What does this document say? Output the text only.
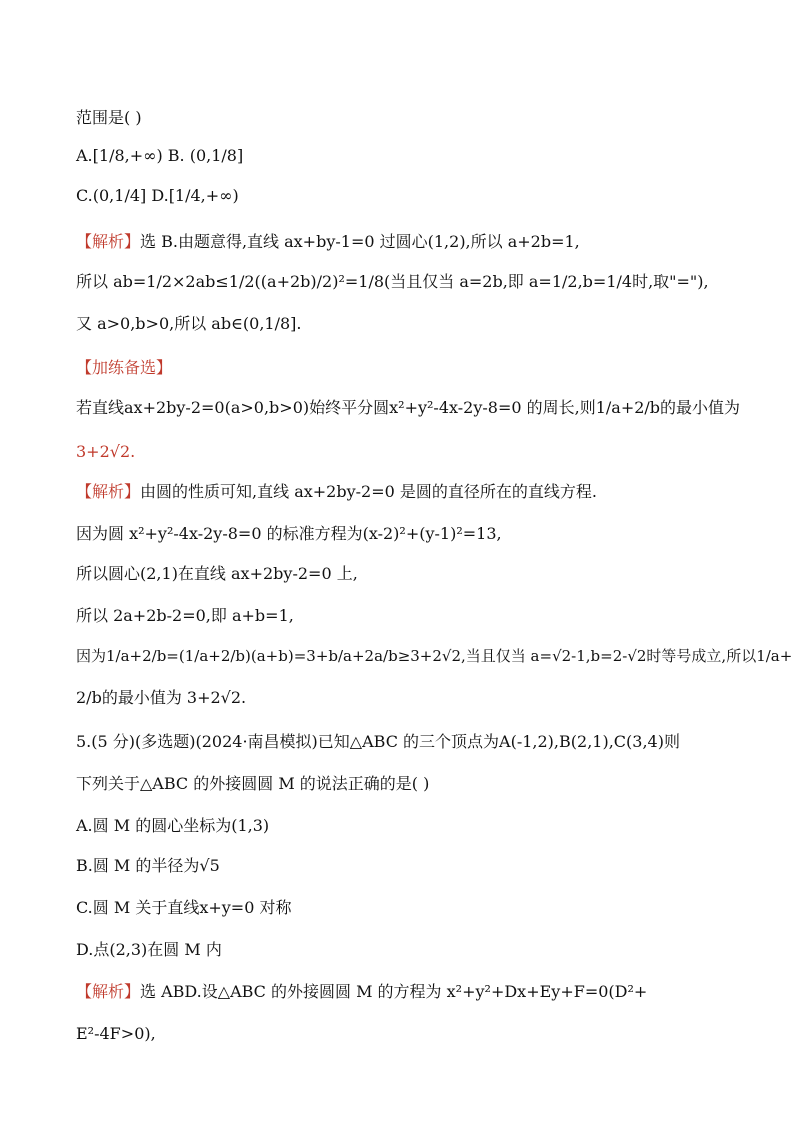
范围是( )
A.[1/8,+∞) B. (0,1/8]
C.(0,1/4] D.[1/4,+∞)
【解析】选 B.由题意得,直线 ax+by-1=0 过圆心(1,2),所以 a+2b=1,
所以 ab=1/2×2ab≤1/2((a+2b)/2)²=1/8(当且仅当 a=2b,即 a=1/2,b=1/4时,取"="),
又 a>0,b>0,所以 ab∈(0,1/8].
【加练备选】
若直线ax+2by-2=0(a>0,b>0)始终平分圆x²+y²-4x-2y-8=0 的周长,则1/a+2/b的最小值为
3+2√2.
【解析】由圆的性质可知,直线 ax+2by-2=0 是圆的直径所在的直线方程.
因为圆 x²+y²-4x-2y-8=0 的标准方程为(x-2)²+(y-1)²=13,
所以圆心(2,1)在直线 ax+2by-2=0 上,
所以 2a+2b-2=0,即 a+b=1,
因为1/a+2/b=(1/a+2/b)(a+b)=3+b/a+2a/b≥3+2√2,当且仅当 a=√2-1,b=2-√2时等号成立,所以1/a+
2/b的最小值为 3+2√2.
5.(5 分)(多选题)(2024·南昌模拟)已知△ABC 的三个顶点为A(-1,2),B(2,1),C(3,4)则
下列关于△ABC 的外接圆圆 M 的说法正确的是( )
A.圆 M 的圆心坐标为(1,3)
B.圆 M 的半径为√5
C.圆 M 关于直线x+y=0 对称
D.点(2,3)在圆 M 内
【解析】选 ABD.设△ABC 的外接圆圆 M 的方程为 x²+y²+Dx+Ey+F=0(D²+
E²-4F>0),
